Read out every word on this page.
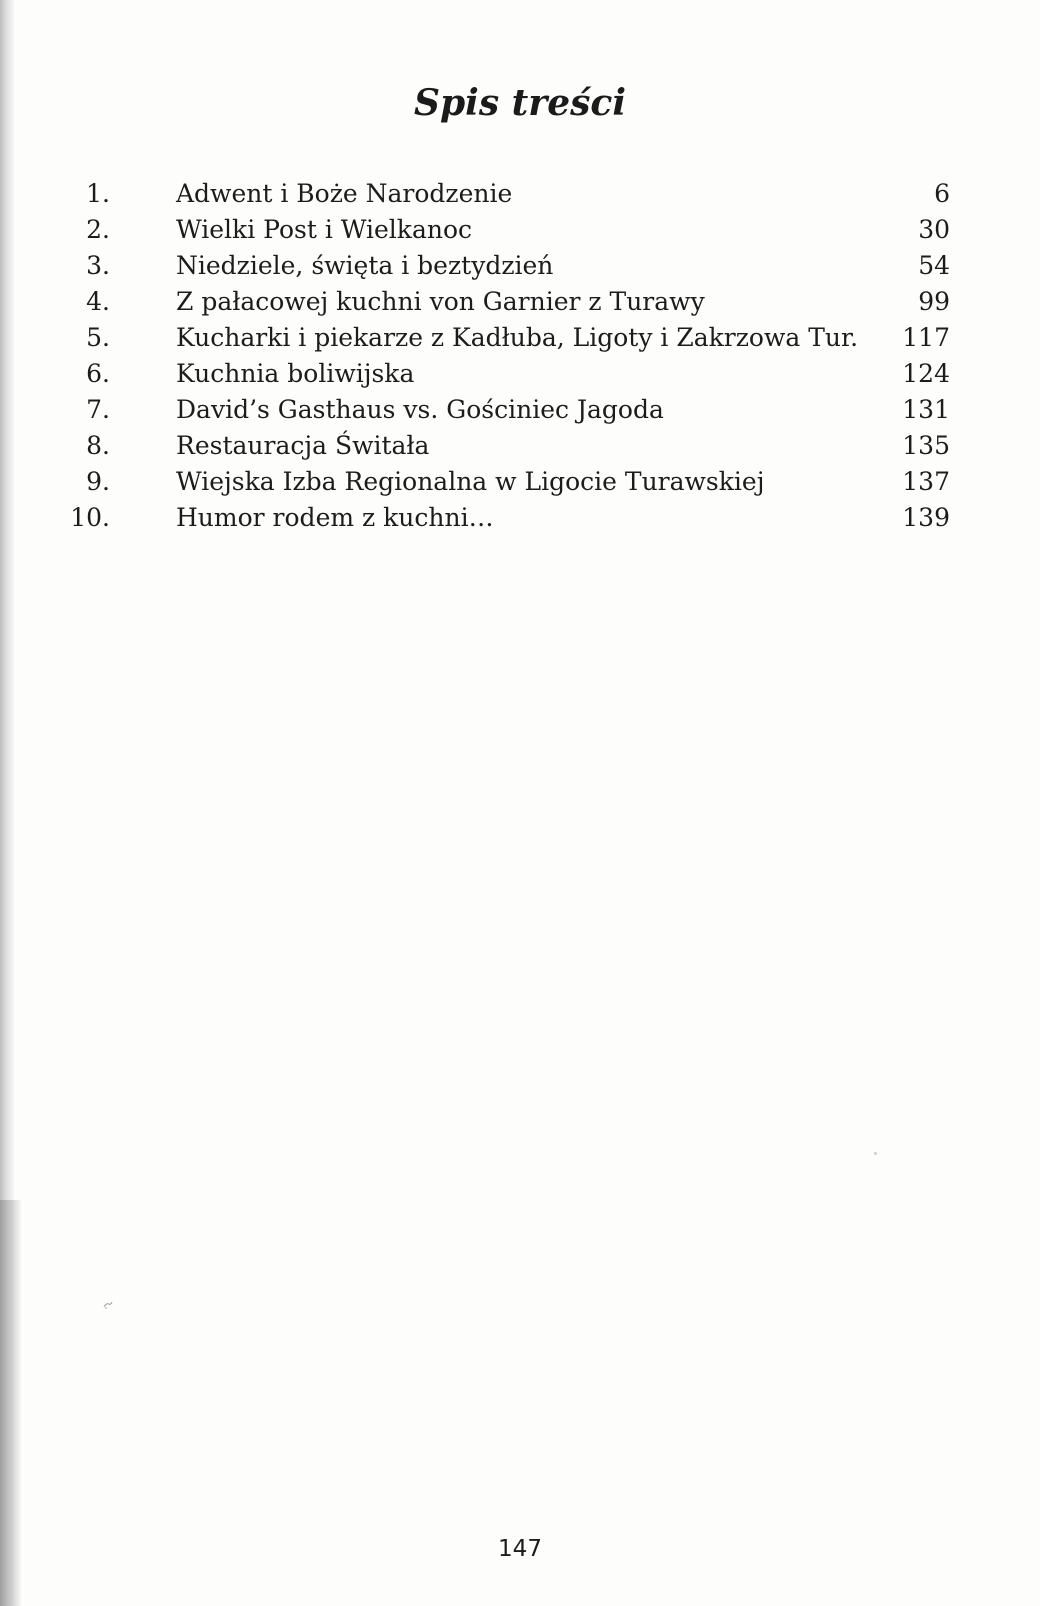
Spis treści
1.	Adwent i Boże Narodzenie	6
2.	Wielki Post i Wielkanoc	30
3.	Niedziele, święta i beztydzień	54
4.	Z pałacowej kuchni von Garnier z Turawy	99
5.	Kucharki i piekarze z Kadłuba, Ligoty i Zakrzowa Tur. 117
6.	Kuchnia boliwijska	124
7.	David’s Gasthaus vs. Gościniec Jagoda	131
8.	Restauracja Świtała	135
9.	Wiejska Izba Regionalna w Ligocie Turawskiej	137
10.	Humor rodem z kuchni…	139
147
